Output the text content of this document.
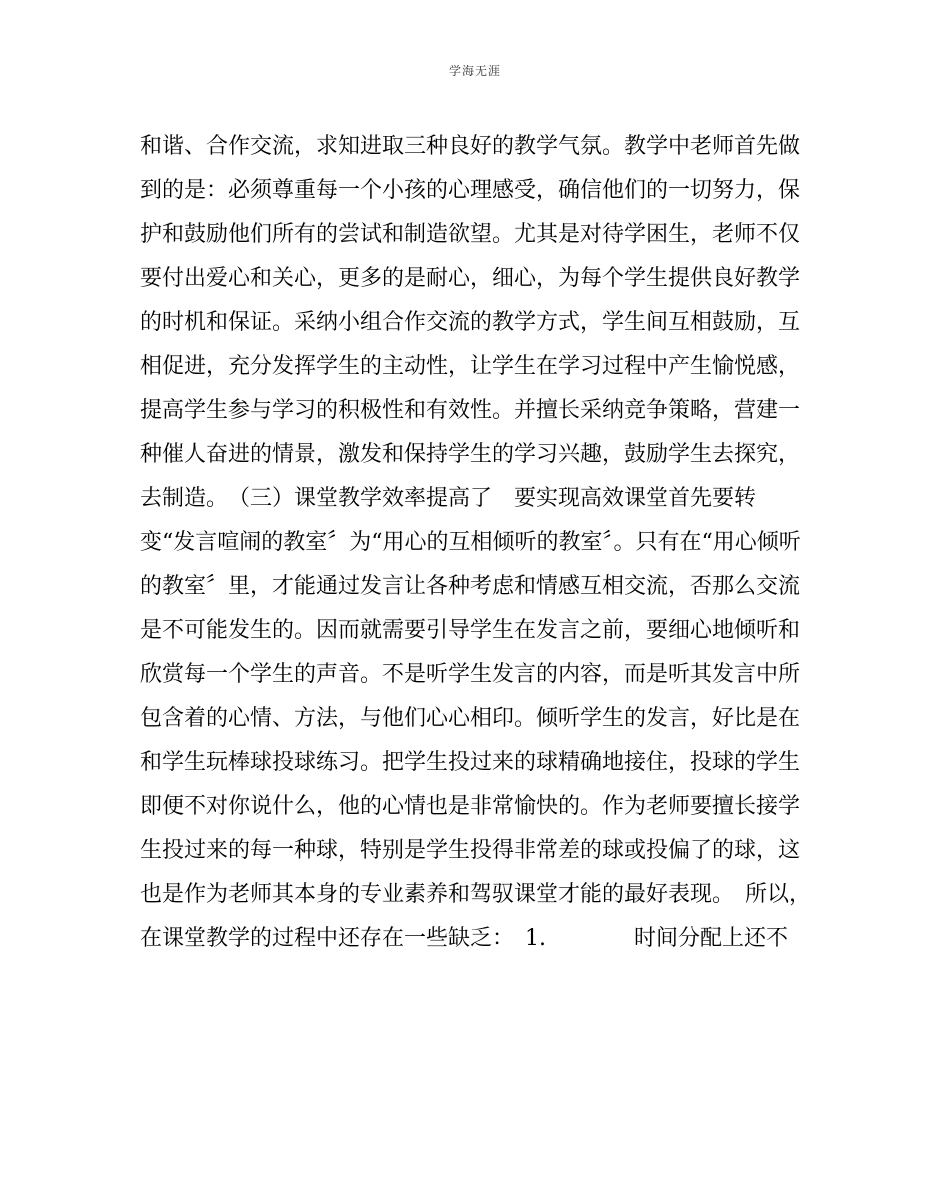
学海无涯
和谐、合作交流，求知进取三种良好的教学气氛。教学中老师首先做
到的是：必须尊重每一个小孩的心理感受，确信他们的一切努力，保
护和鼓励他们所有的尝试和制造欲望。尤其是对待学困生，老师不仅
要付出爱心和关心，更多的是耐心，细心，为每个学生提供良好教学
的时机和保证。采纳小组合作交流的教学方式，学生间互相鼓励，互
相促进，充分发挥学生的主动性，让学生在学习过程中产生愉悦感，
提高学生参与学习的积极性和有效性。并擅长采纳竞争策略，营建一
种催人奋进的情景，激发和保持学生的学习兴趣，鼓励学生去探究，
去制造。　（三）课堂教学效率提高了　要实现高效课堂首先要转
变“发言喧闹的教室〞为“用心的互相倾听的教室〞。只有在“用心倾听
的教室〞里，才能通过发言让各种考虑和情感互相交流，否那么交流
是不可能发生的。因而就需要引导学生在发言之前，要细心地倾听和
欣赏每一个学生的声音。不是听学生发言的内容，而是听其发言中所
包含着的心情、方法，与他们心心相印。倾听学生的发言，好比是在
和学生玩棒球投球练习。把学生投过来的球精确地接住，投球的学生
即便不对你说什么，他的心情也是非常愉快的。作为老师要擅长接学
生投过来的每一种球，特别是学生投得非常差的球或投偏了的球，这
也是作为老师其本身的专业素养和驾驭课堂才能的最好表现。　所以，
在课堂教学的过程中还存在一些缺乏：　1.　　　　时间分配上还不
